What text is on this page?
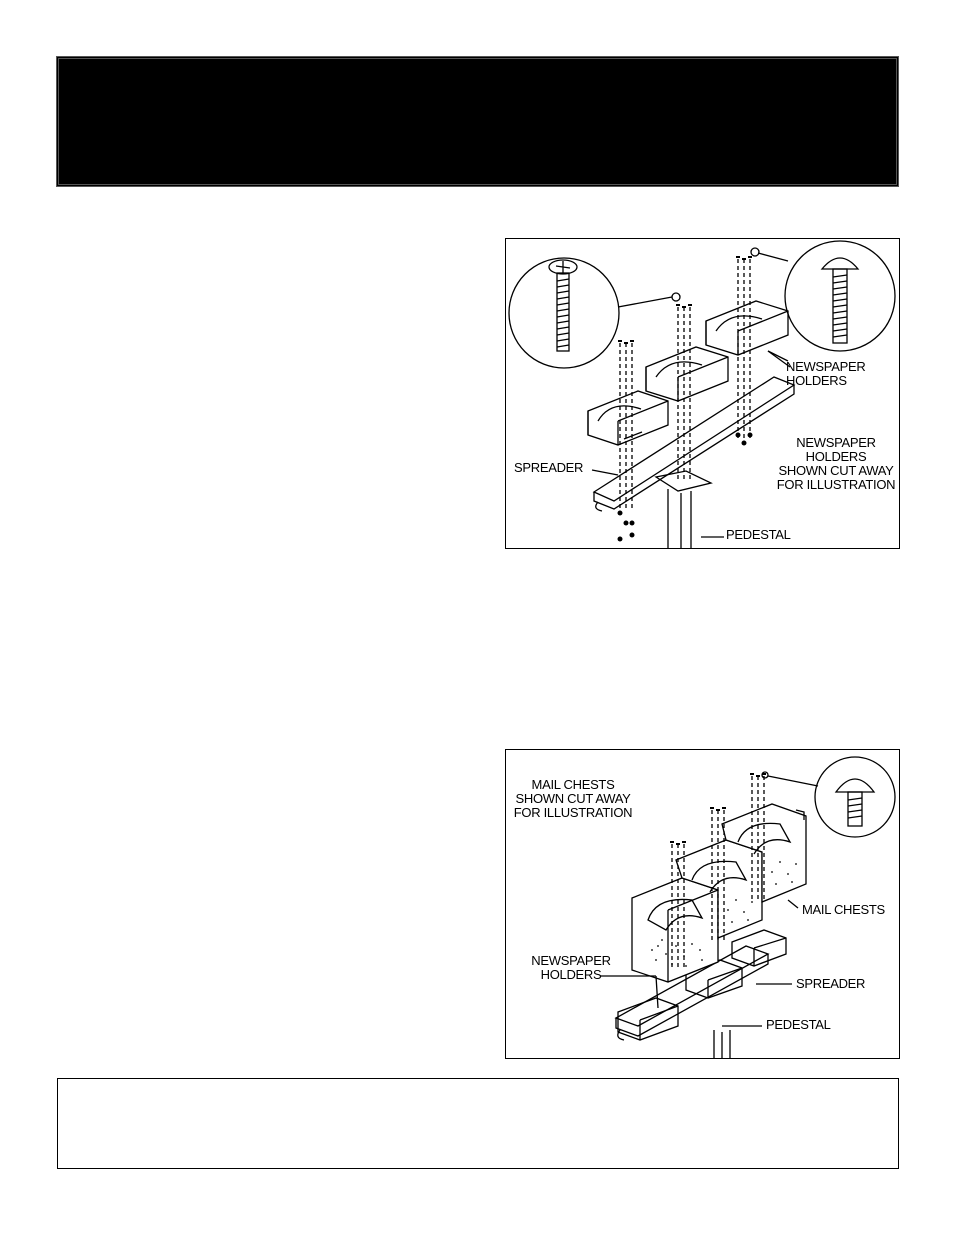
NEWSPAPER
HOLDERS
NEWSPAPER
HOLDERS
SHOWN CUT AWAY
FOR ILLUSTRATION
SPREADER
PEDESTAL
MAIL CHESTS
SHOWN CUT AWAY
FOR ILLUSTRATION
MAIL CHESTS
NEWSPAPER
HOLDERS
SPREADER
PEDESTAL
